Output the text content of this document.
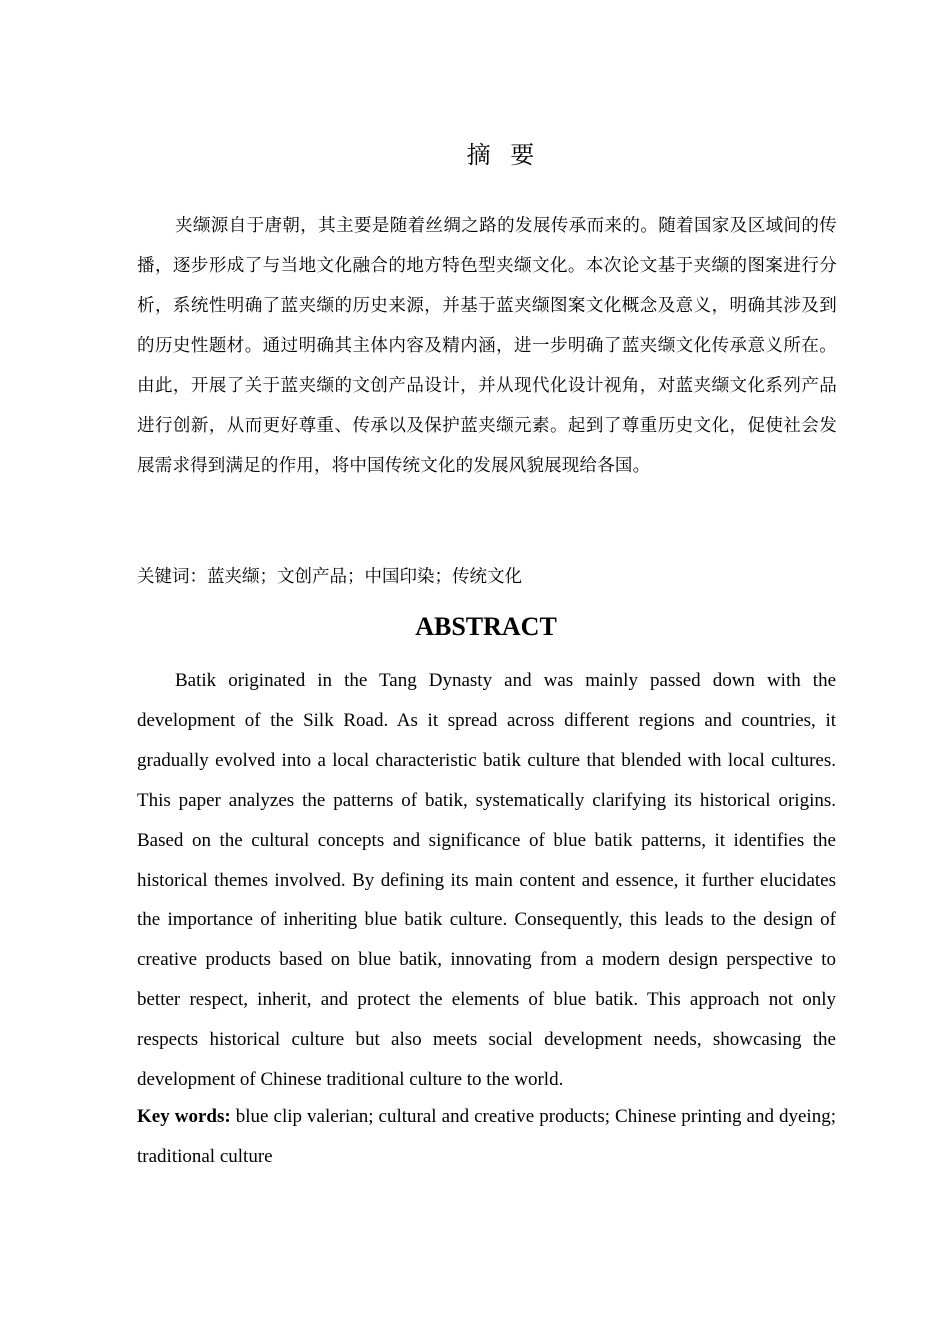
摘 要

夹缬源自于唐朝，其主要是随着丝绸之路的发展传承而来的。随着国家及区域间的传播，逐步形成了与当地文化融合的地方特色型夹缬文化。本次论文基于夹缬的图案进行分析，系统性明确了蓝夹缬的历史来源，并基于蓝夹缬图案文化概念及意义，明确其涉及到的历史性题材。通过明确其主体内容及精内涵，进一步明确了蓝夹缬文化传承意义所在。由此，开展了关于蓝夹缬的文创产品设计，并从现代化设计视角，对蓝夹缬文化系列产品进行创新，从而更好尊重、传承以及保护蓝夹缬元素。起到了尊重历史文化，促使社会发展需求得到满足的作用，将中国传统文化的发展风貌展现给各国。

关键词：蓝夹缬；文创产品；中国印染；传统文化

ABSTRACT

Batik originated in the Tang Dynasty and was mainly passed down with the development of the Silk Road. As it spread across different regions and countries, it gradually evolved into a local characteristic batik culture that blended with local cultures. This paper analyzes the patterns of batik, systematically clarifying its historical origins. Based on the cultural concepts and significance of blue batik patterns, it identifies the historical themes involved. By defining its main content and essence, it further elucidates the importance of inheriting blue batik culture. Consequently, this leads to the design of creative products based on blue batik, innovating from a modern design perspective to better respect, inherit, and protect the elements of blue batik. This approach not only respects historical culture but also meets social development needs, showcasing the development of Chinese traditional culture to the world.

Key words: blue clip valerian; cultural and creative products; Chinese printing and dyeing; traditional culture
